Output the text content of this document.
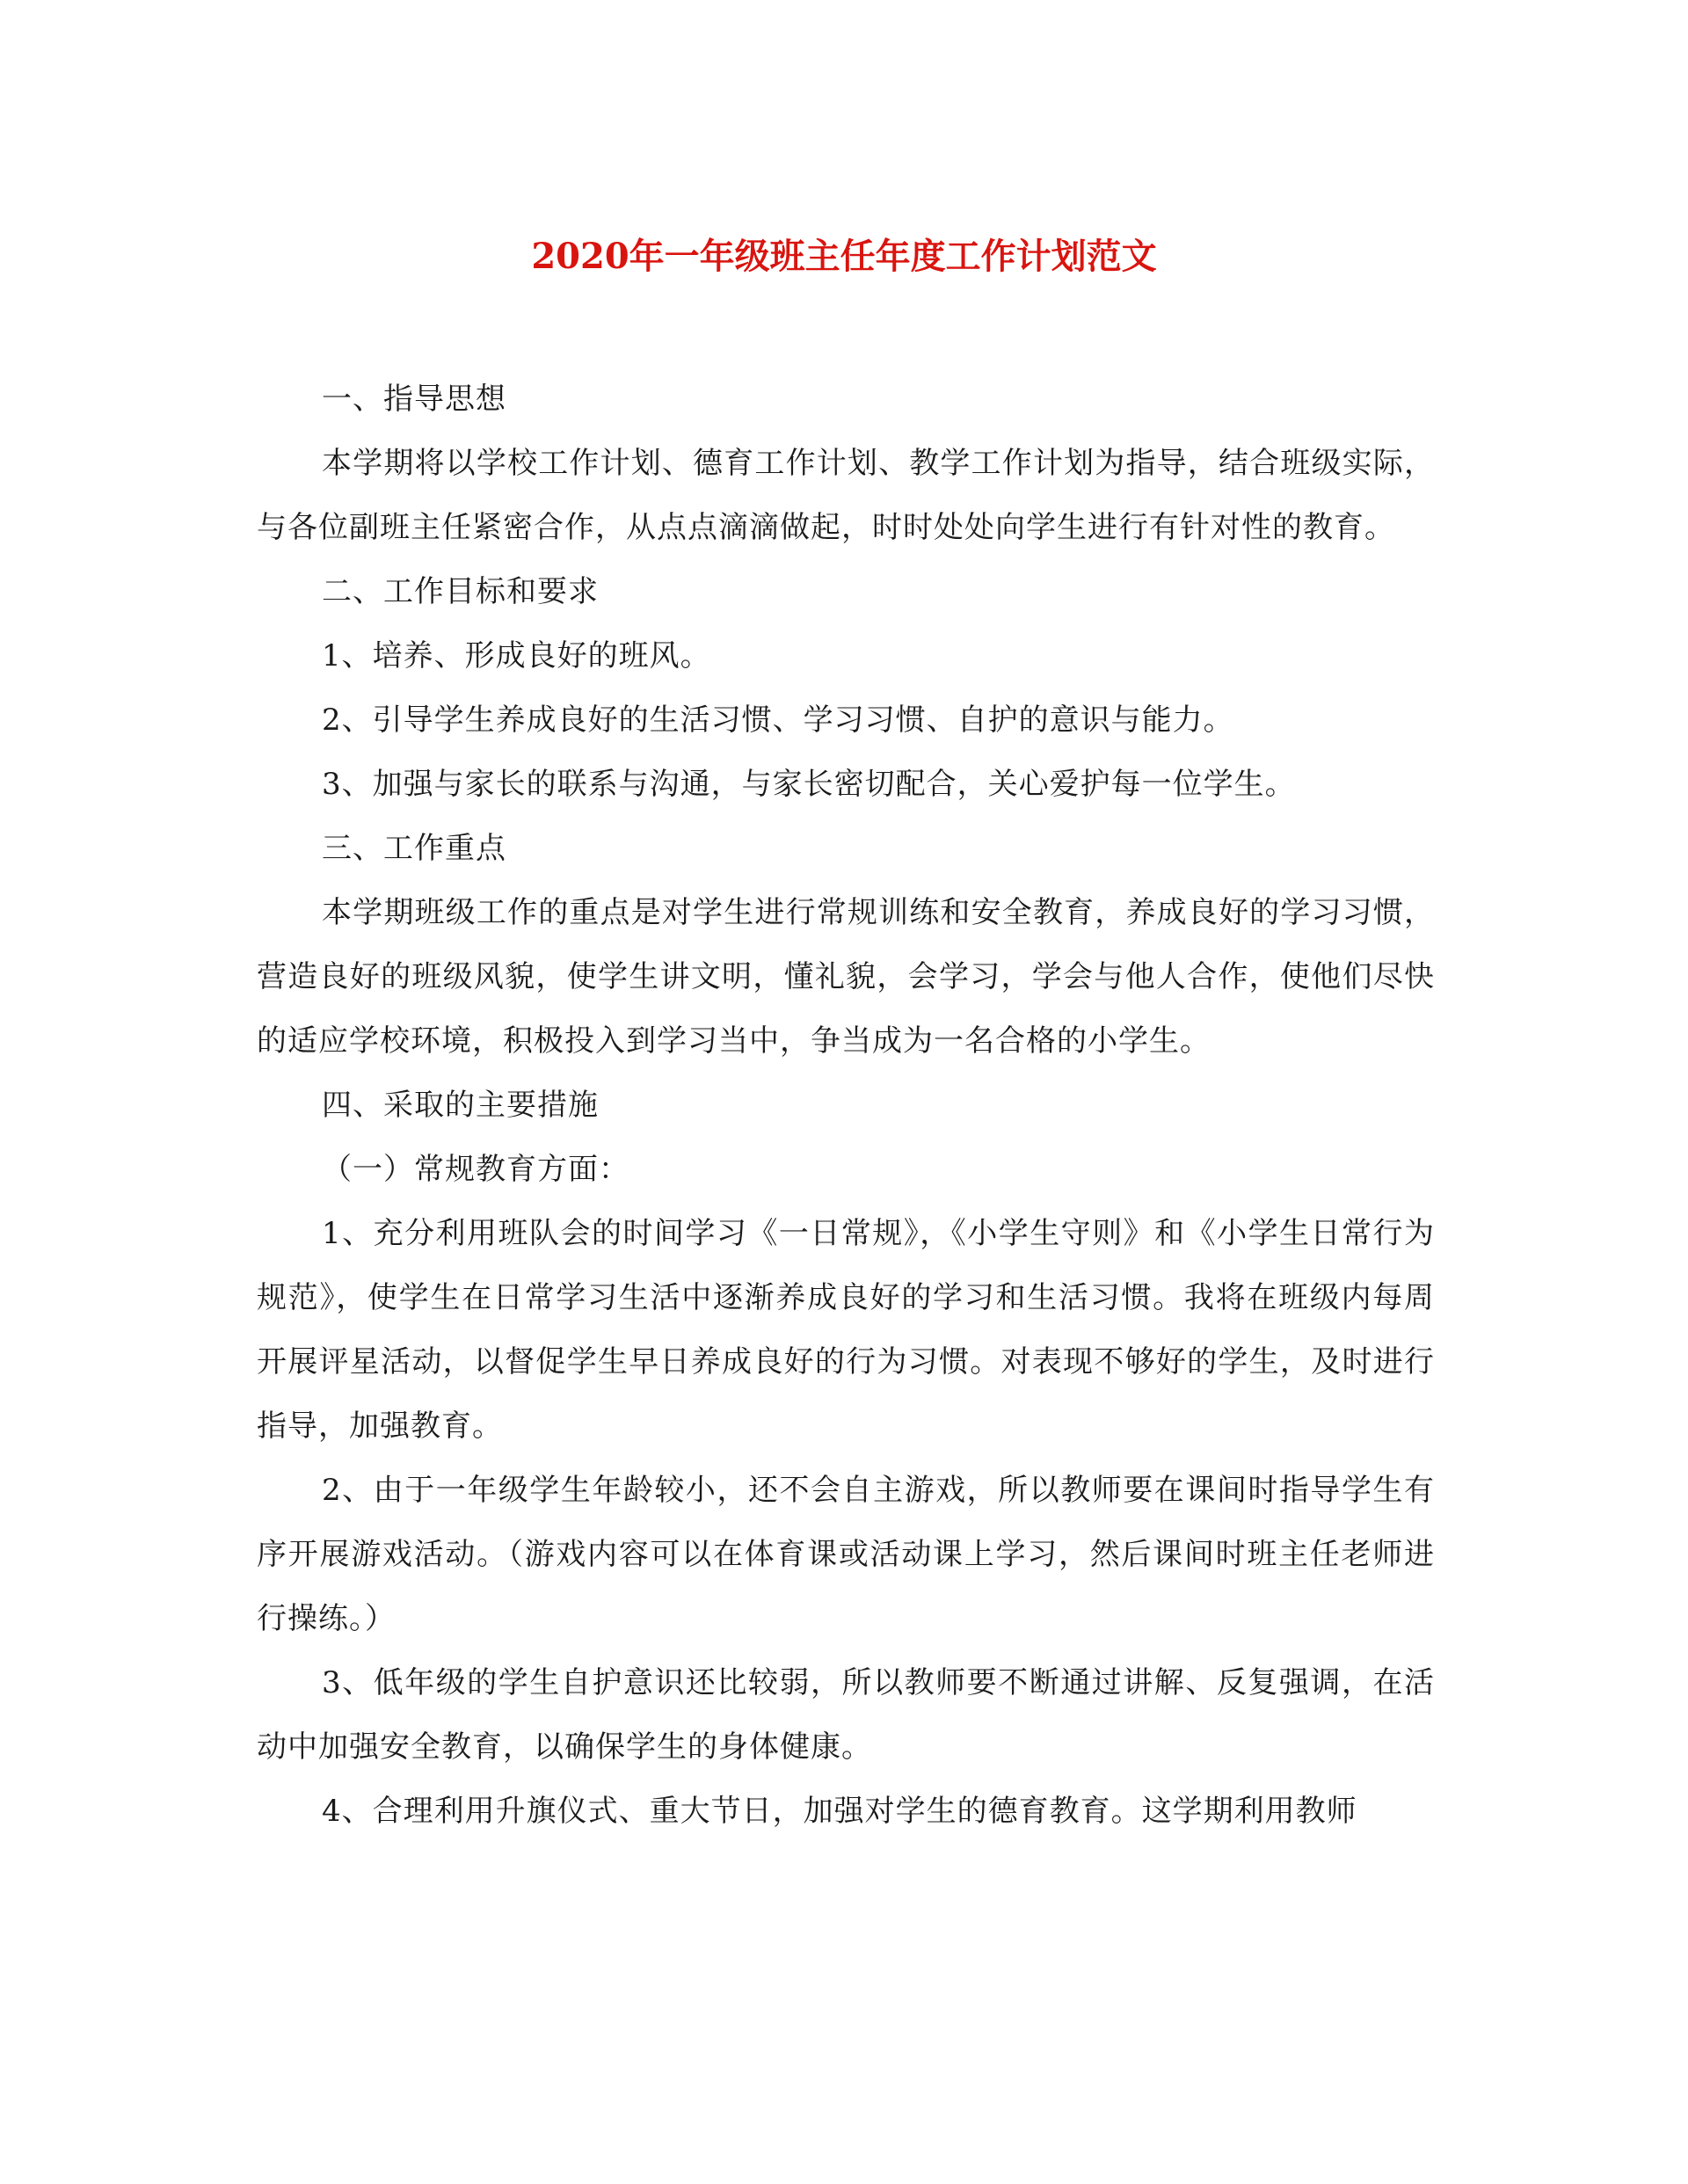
2020年一年级班主任年度工作计划范文

一、指导思想

本学期将以学校工作计划、德育工作计划、教学工作计划为指导，结合班级实际，与各位副班主任紧密合作，从点点滴滴做起，时时处处向学生进行有针对性的教育。

二、工作目标和要求

1、培养、形成良好的班风。

2、引导学生养成良好的生活习惯、学习习惯、自护的意识与能力。

3、加强与家长的联系与沟通，与家长密切配合，关心爱护每一位学生。

三、工作重点

本学期班级工作的重点是对学生进行常规训练和安全教育，养成良好的学习习惯，营造良好的班级风貌，使学生讲文明，懂礼貌，会学习，学会与他人合作，使他们尽快的适应学校环境，积极投入到学习当中，争当成为一名合格的小学生。

四、采取的主要措施

（一）常规教育方面：

1、充分利用班队会的时间学习《一日常规》，《小学生守则》和《小学生日常行为规范》，使学生在日常学习生活中逐渐养成良好的学习和生活习惯。我将在班级内每周开展评星活动，以督促学生早日养成良好的行为习惯。对表现不够好的学生，及时进行指导，加强教育。

2、由于一年级学生年龄较小，还不会自主游戏，所以教师要在课间时指导学生有序开展游戏活动。（游戏内容可以在体育课或活动课上学习，然后课间时班主任老师进行操练。）

3、低年级的学生自护意识还比较弱，所以教师要不断通过讲解、反复强调，在活动中加强安全教育，以确保学生的身体健康。

4、合理利用升旗仪式、重大节日，加强对学生的德育教育。这学期利用教师
